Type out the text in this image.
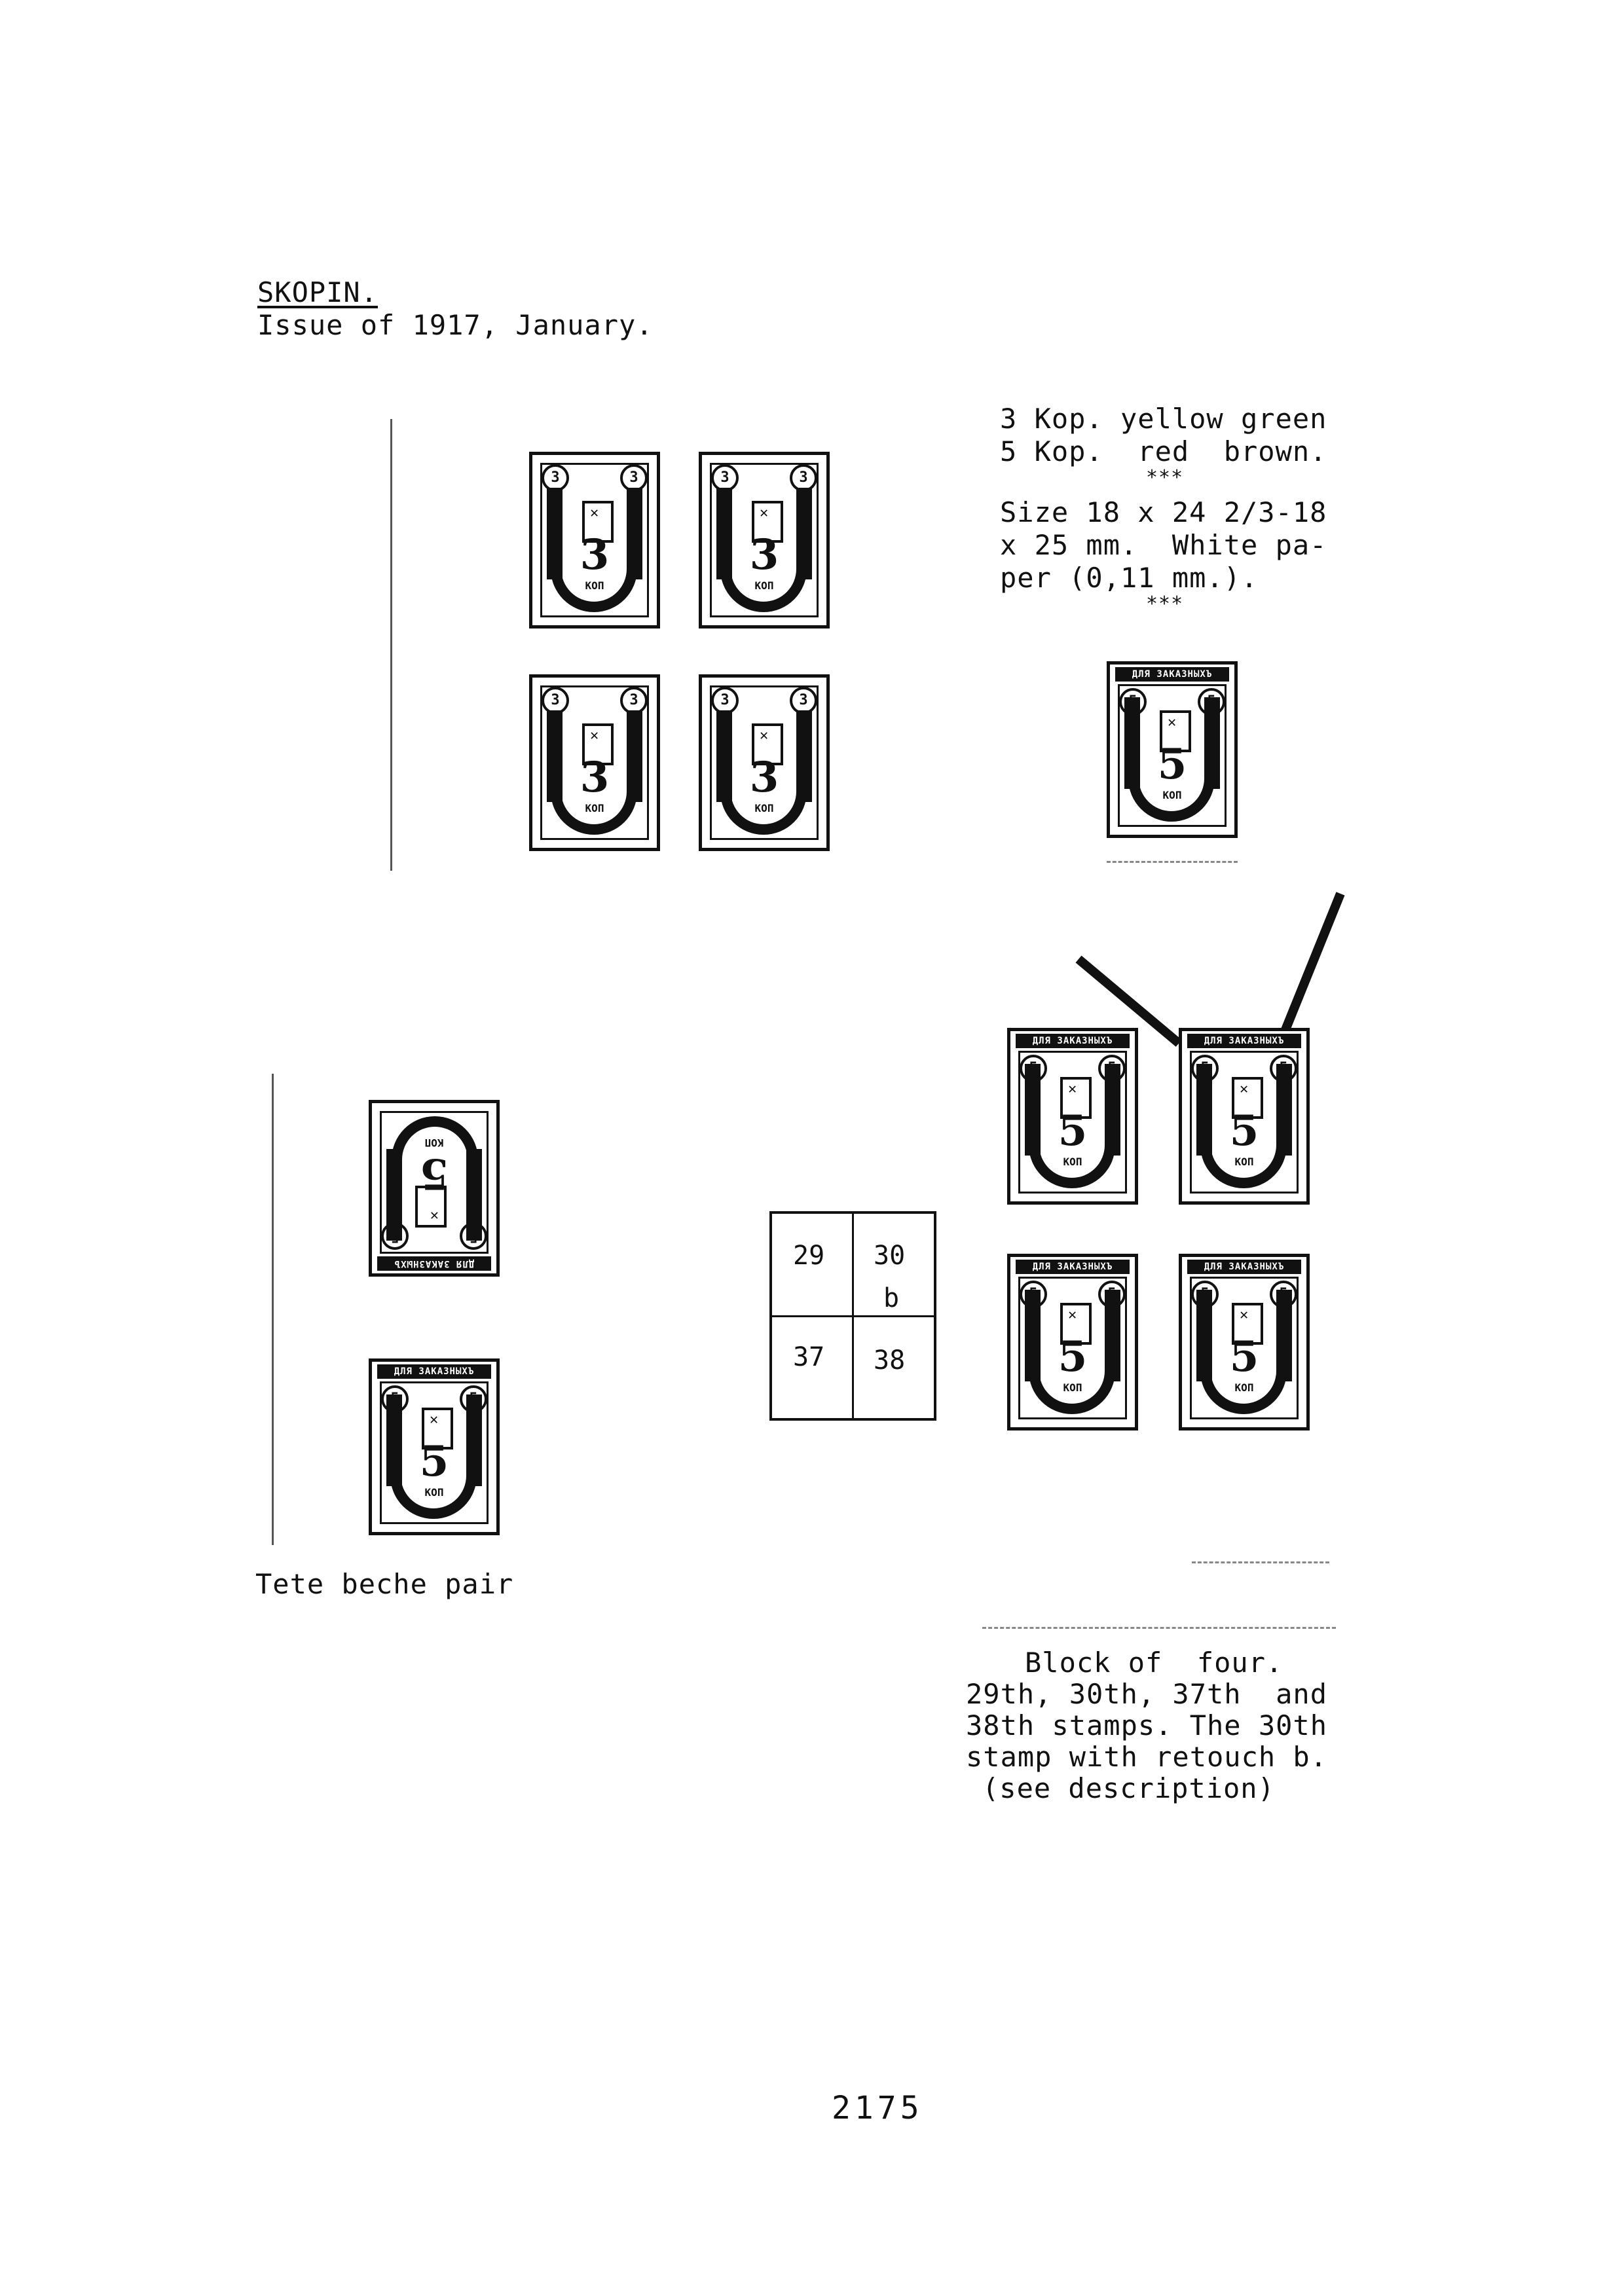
SKOPIN.
Issue of 1917, January.
3 Kop. yellow green
5 Kop.  red  brown.
***
Size 18 x 24 2/3-18
x 25 mm.  White pa-
per (0,11 mm.).
***
3	3
✕
3
КОП
3	3
✕
3
КОП
3	3
✕
3
КОП
3	3
✕
3
КОП
ДЛЯ ЗАКАЗНЫХЪ
✕
5
КОП
ДЛЯ ЗАКАЗНЫХЪ
✕
5
КОП
ДЛЯ ЗАКАЗНЫХЪ
✕
5
КОП
Tete beche pair
29 30
b
37 38
ДЛЯ ЗАКАЗНЫХЪ
✕
5
КОП
ДЛЯ ЗАКАЗНЫХЪ
✕
5
КОП
ДЛЯ ЗАКАЗНЫХЪ
✕
5
КОП
ДЛЯ ЗАКАЗНЫХЪ
✕
5
КОП
Block of  four.
29th, 30th, 37th  and
38th stamps. The 30th
stamp with retouch b.
(see description)
2175
